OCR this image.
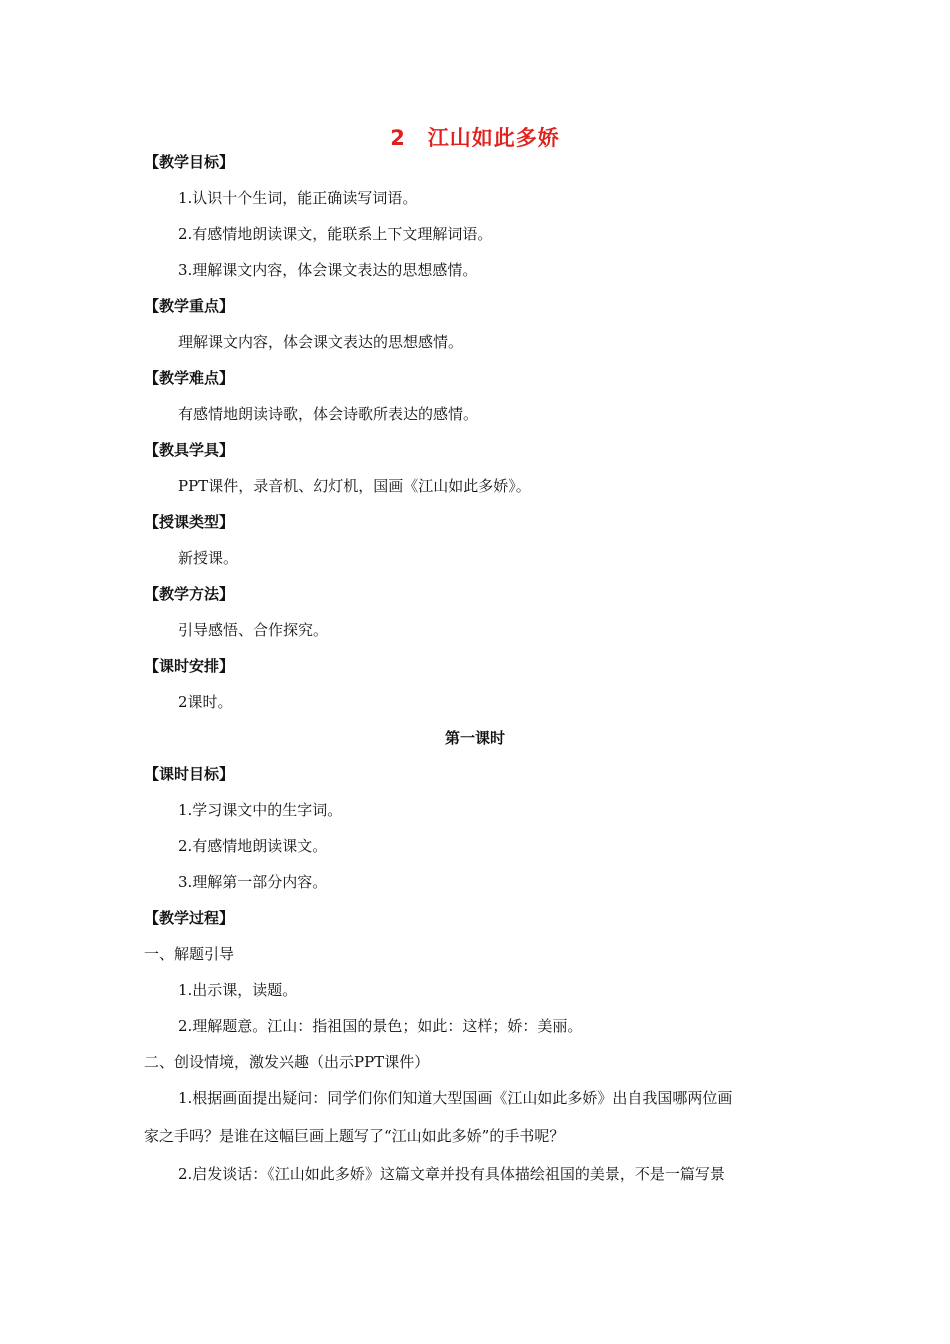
2　江山如此多娇
【教学目标】
1.认识十个生词，能正确读写词语。
2.有感情地朗读课文，能联系上下文理解词语。
3.理解课文内容，体会课文表达的思想感情。
【教学重点】
理解课文内容，体会课文表达的思想感情。
【教学难点】
有感情地朗读诗歌，体会诗歌所表达的感情。
【教具学具】
PPT课件，录音机、幻灯机，国画《江山如此多娇》。
【授课类型】
新授课。
【教学方法】
引导感悟、合作探究。
【课时安排】
2课时。
第一课时
【课时目标】
1.学习课文中的生字词。
2.有感情地朗读课文。
3.理解第一部分内容。
【教学过程】
一、解题引导
1.出示课，读题。
2.理解题意。江山：指祖国的景色；如此：这样；娇：美丽。
二、创设情境，激发兴趣（出示PPT课件）
1.根据画面提出疑问：同学们你们知道大型国画《江山如此多娇》出自我国哪两位画
家之手吗？是谁在这幅巨画上题写了“江山如此多娇”的手书呢？
2.启发谈话：《江山如此多娇》这篇文章并投有具体描绘祖国的美景，不是一篇写景
